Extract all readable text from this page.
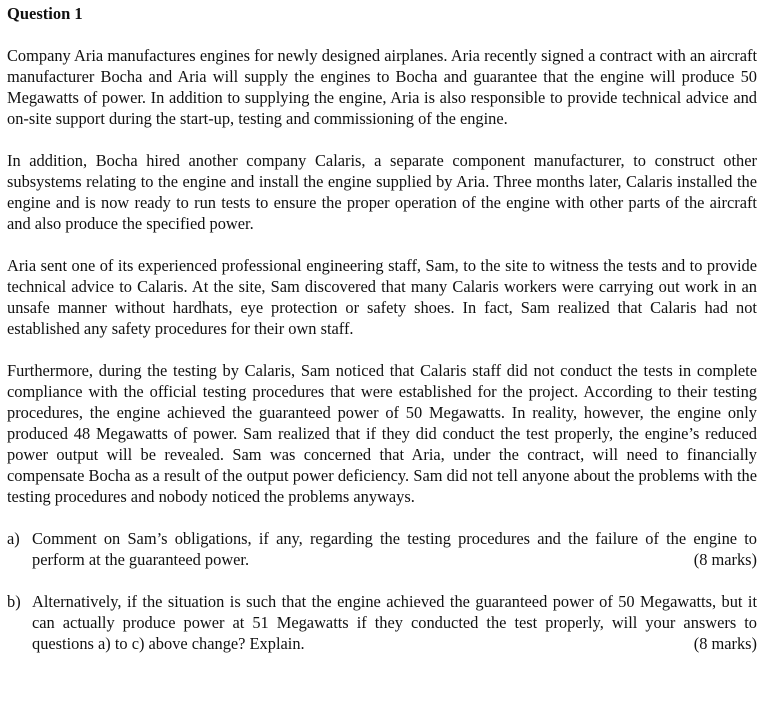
Question 1

Company Aria manufactures engines for newly designed airplanes. Aria recently signed a contract with an aircraft manufacturer Bocha and Aria will supply the engines to Bocha and guarantee that the engine will produce 50 Megawatts of power. In addition to supplying the engine, Aria is also responsible to provide technical advice and on-site support during the start-up, testing and commissioning of the engine.

In addition, Bocha hired another company Calaris, a separate component manufacturer, to construct other subsystems relating to the engine and install the engine supplied by Aria. Three months later, Calaris installed the engine and is now ready to run tests to ensure the proper operation of the engine with other parts of the aircraft and also produce the specified power.

Aria sent one of its experienced professional engineering staff, Sam, to the site to witness the tests and to provide technical advice to Calaris. At the site, Sam discovered that many Calaris workers were carrying out work in an unsafe manner without hardhats, eye protection or safety shoes. In fact, Sam realized that Calaris had not established any safety procedures for their own staff.

Furthermore, during the testing by Calaris, Sam noticed that Calaris staff did not conduct the tests in complete compliance with the official testing procedures that were established for the project. According to their testing procedures, the engine achieved the guaranteed power of 50 Megawatts. In reality, however, the engine only produced 48 Megawatts of power. Sam realized that if they did conduct the test properly, the engine’s reduced power output will be revealed. Sam was concerned that Aria, under the contract, will need to financially compensate Bocha as a result of the output power deficiency. Sam did not tell anyone about the problems with the testing procedures and nobody noticed the problems anyways.

a) Comment on Sam’s obligations, if any, regarding the testing procedures and the failure of the engine to perform at the guaranteed power.	(8 marks)
b) Alternatively, if the situation is such that the engine achieved the guaranteed power of 50 Megawatts, but it can actually produce power at 51 Megawatts if they conducted the test properly, will your answers to questions a) to c) above change? Explain.	(8 marks)
